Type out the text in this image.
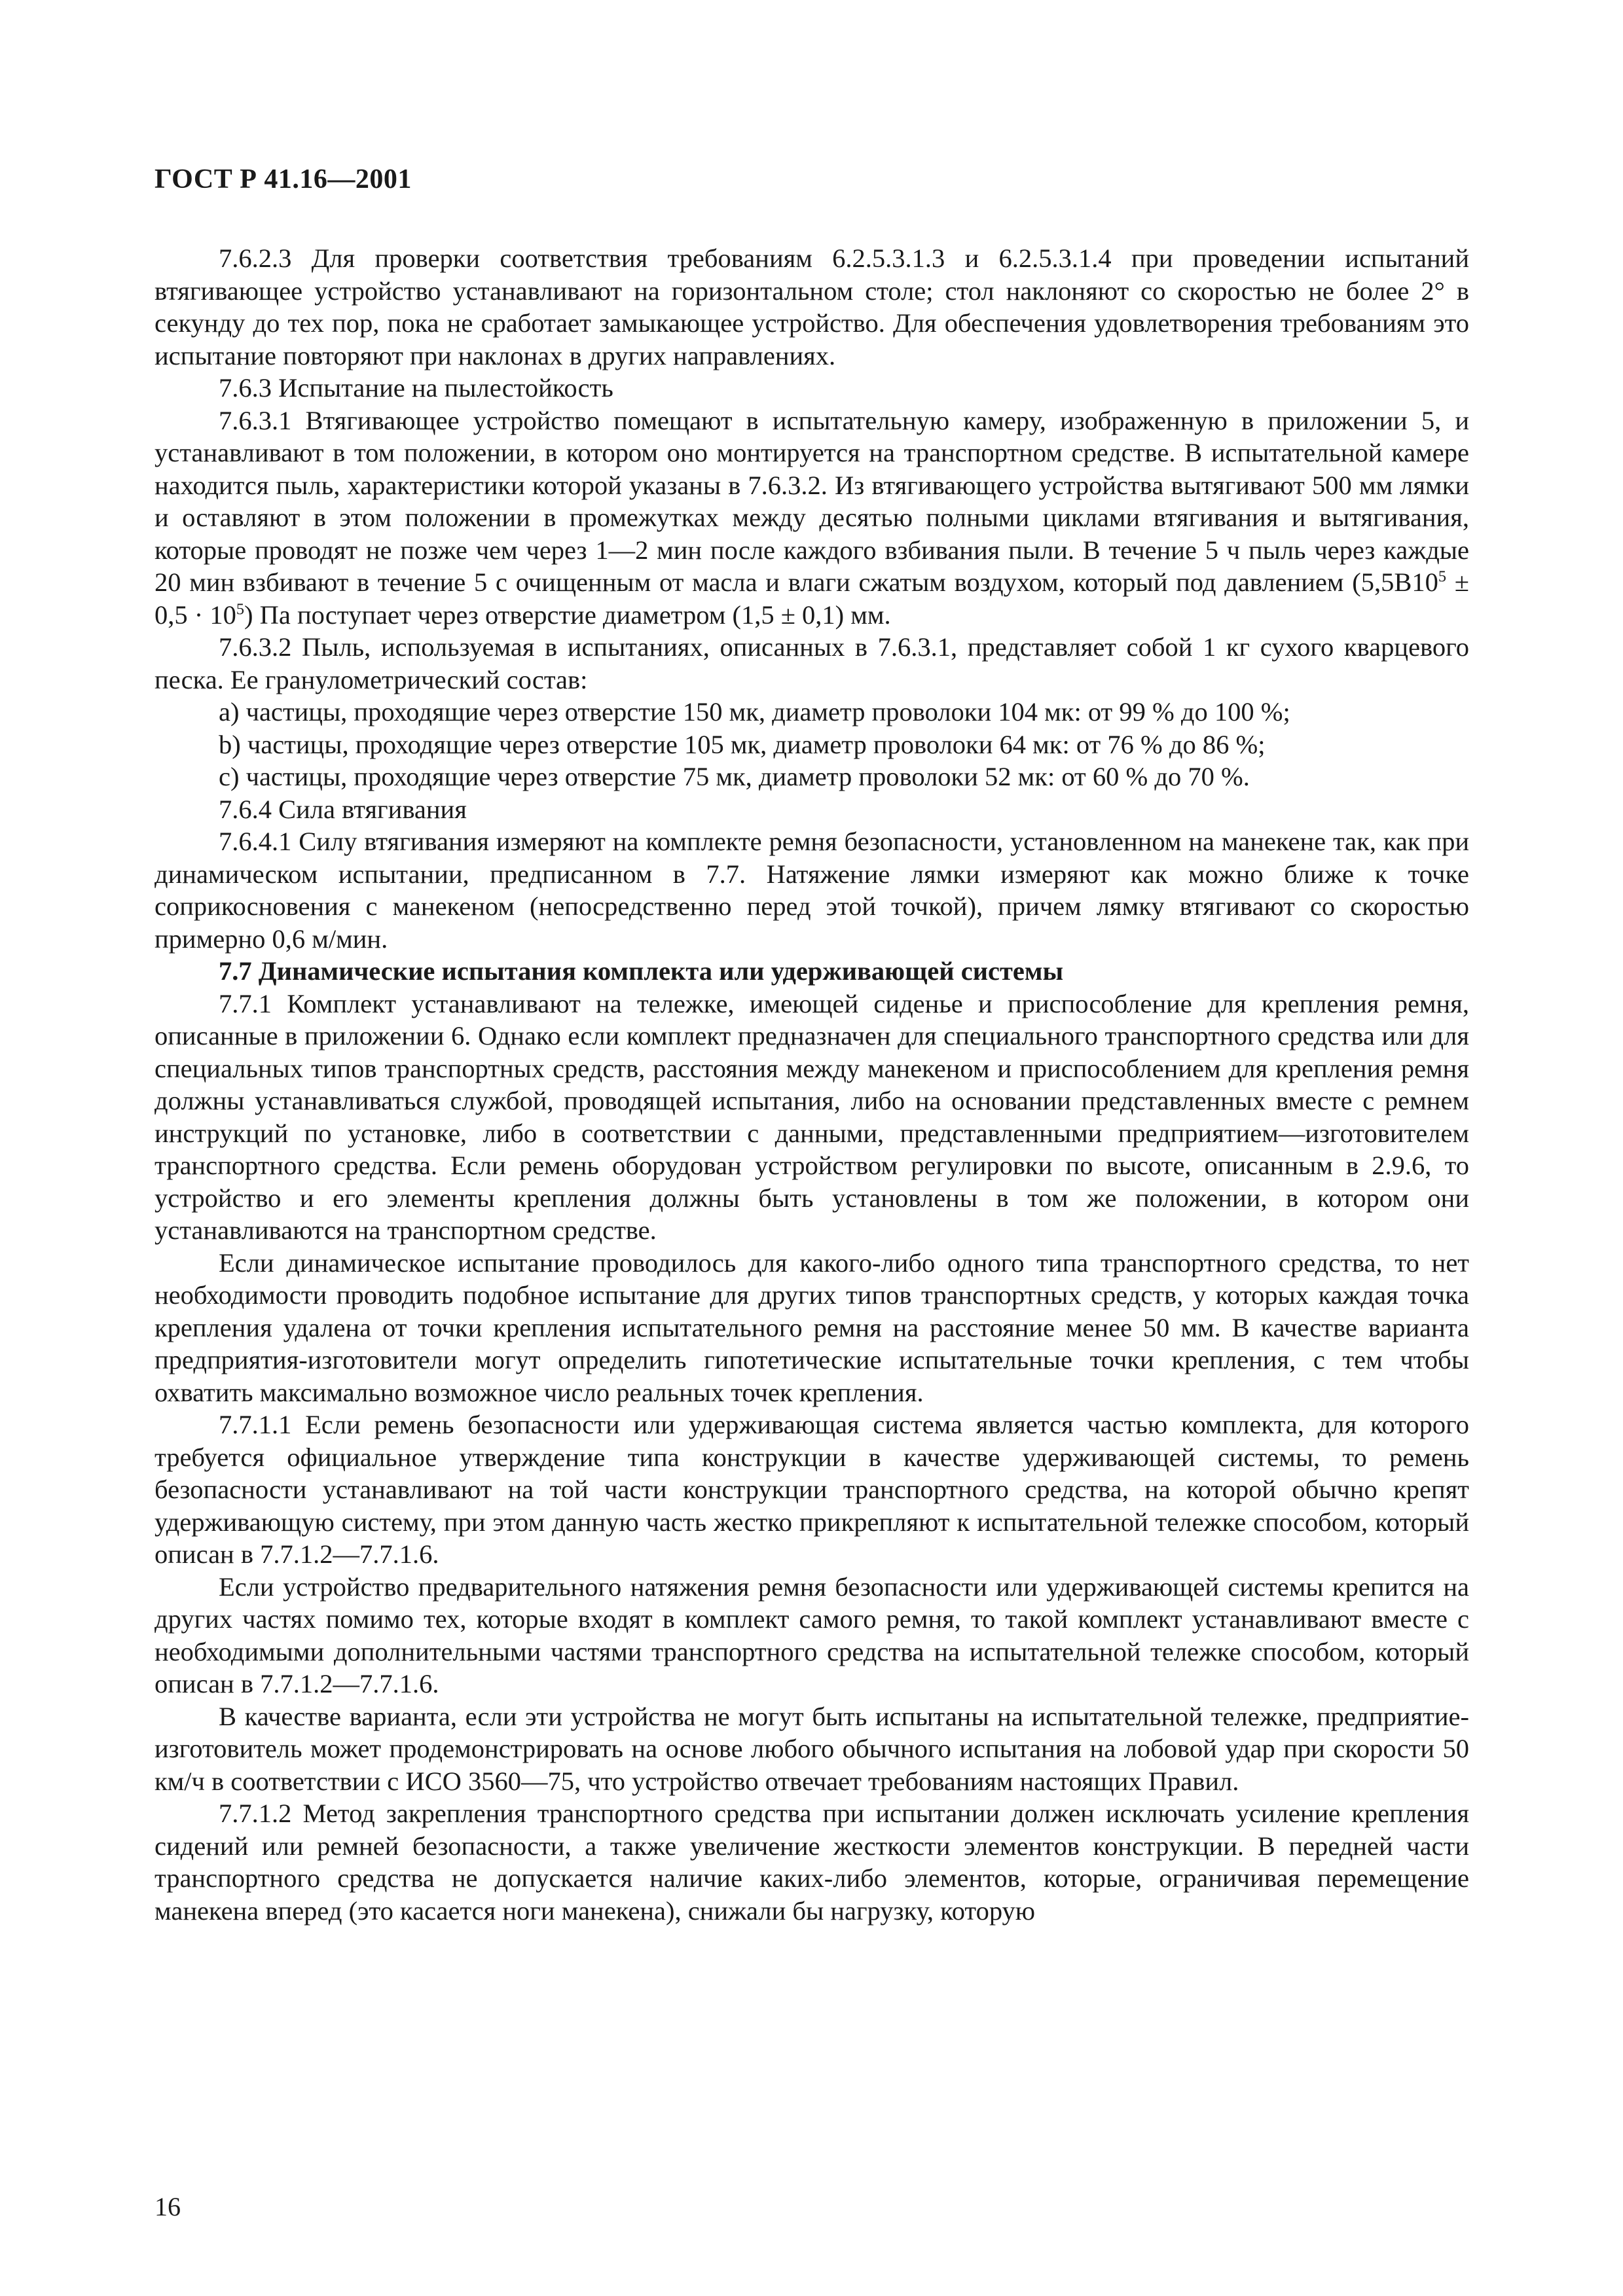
ГОСТ Р 41.16—2001

7.6.2.3 Для проверки соответствия требованиям 6.2.5.3.1.3 и 6.2.5.3.1.4 при проведении испытаний втягивающее устройство устанавливают на горизонтальном столе; стол наклоняют со скоростью не более 2° в секунду до тех пор, пока не сработает замыкающее устройство. Для обеспечения удовлетворения требованиям это испытание повторяют при наклонах в других направлениях.

7.6.3 Испытание на пылестойкость

7.6.3.1 Втягивающее устройство помещают в испытательную камеру, изображенную в приложении 5, и устанавливают в том положении, в котором оно монтируется на транспортном средстве. В испытательной камере находится пыль, характеристики которой указаны в 7.6.3.2. Из втягивающего устройства вытягивают 500 мм лямки и оставляют в этом положении в промежутках между десятью полными циклами втягивания и вытягивания, которые проводят не позже чем через 1—2 мин после каждого взбивания пыли. В течение 5 ч пыль через каждые 20 мин взбивают в течение 5 с очищенным от масла и влаги сжатым воздухом, который под давлением $(5,5В10^5 \pm 0,5 \cdot 10^5)$ Па поступает через отверстие диаметром (1,5 ± 0,1) мм.

7.6.3.2 Пыль, используемая в испытаниях, описанных в 7.6.3.1, представляет собой 1 кг сухого кварцевого песка. Ее гранулометрический состав:

а) частицы, проходящие через отверстие 150 мк, диаметр проволоки 104 мк: от 99 % до 100 %;

b) частицы, проходящие через отверстие 105 мк, диаметр проволоки 64 мк: от 76 % до 86 %;

c) частицы, проходящие через отверстие 75 мк, диаметр проволоки 52 мк: от 60 % до 70 %.

7.6.4 Сила втягивания

7.6.4.1 Силу втягивания измеряют на комплекте ремня безопасности, установленном на манекене так, как при динамическом испытании, предписанном в 7.7. Натяжение лямки измеряют как можно ближе к точке соприкосновения с манекеном (непосредственно перед этой точкой), причем лямку втягивают со скоростью примерно 0,6 м/мин.

7.7 Динамические испытания комплекта или удерживающей системы

7.7.1 Комплект устанавливают на тележке, имеющей сиденье и приспособление для крепления ремня, описанные в приложении 6. Однако если комплект предназначен для специального транспортного средства или для специальных типов транспортных средств, расстояния между манекеном и приспособлением для крепления ремня должны устанавливаться службой, проводящей испытания, либо на основании представленных вместе с ремнем инструкций по установке, либо в соответствии с данными, представленными предприятием—изготовителем транспортного средства. Если ремень оборудован устройством регулировки по высоте, описанным в 2.9.6, то устройство и его элементы крепления должны быть установлены в том же положении, в котором они устанавливаются на транспортном средстве.

Если динамическое испытание проводилось для какого-либо одного типа транспортного средства, то нет необходимости проводить подобное испытание для других типов транспортных средств, у которых каждая точка крепления удалена от точки крепления испытательного ремня на расстояние менее 50 мм. В качестве варианта предприятия-изготовители могут определить гипотетические испытательные точки крепления, с тем чтобы охватить максимально возможное число реальных точек крепления.

7.7.1.1 Если ремень безопасности или удерживающая система является частью комплекта, для которого требуется официальное утверждение типа конструкции в качестве удерживающей системы, то ремень безопасности устанавливают на той части конструкции транспортного средства, на которой обычно крепят удерживающую систему, при этом данную часть жестко прикрепляют к испытательной тележке способом, который описан в 7.7.1.2—7.7.1.6.

Если устройство предварительного натяжения ремня безопасности или удерживающей системы крепится на других частях помимо тех, которые входят в комплект самого ремня, то такой комплект устанавливают вместе с необходимыми дополнительными частями транспортного средства на испытательной тележке способом, который описан в 7.7.1.2—7.7.1.6.

В качестве варианта, если эти устройства не могут быть испытаны на испытательной тележке, предприятие-изготовитель может продемонстрировать на основе любого обычного испытания на лобовой удар при скорости 50 км/ч в соответствии с ИСО 3560—75, что устройство отвечает требованиям настоящих Правил.

7.7.1.2 Метод закрепления транспортного средства при испытании должен исключать усиление крепления сидений или ремней безопасности, а также увеличение жесткости элементов конструкции. В передней части транспортного средства не допускается наличие каких-либо элементов, которые, ограничивая перемещение манекена вперед (это касается ноги манекена), снижали бы нагрузку, которую

16
